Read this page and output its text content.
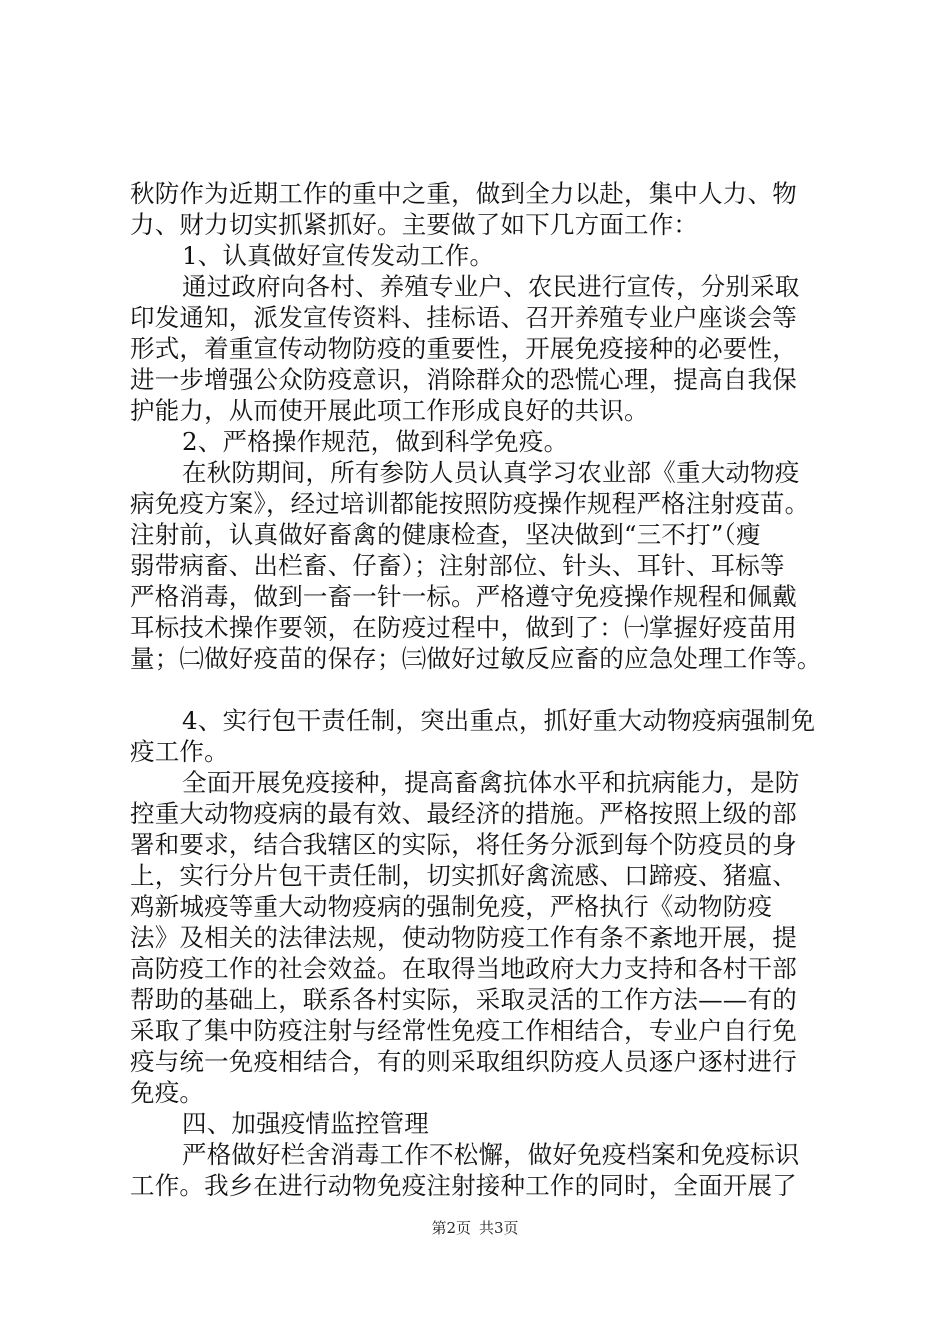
秋防作为近期工作的重中之重，做到全力以赴，集中人力、物
力、财力切实抓紧抓好。主要做了如下几方面工作：
1、认真做好宣传发动工作。
通过政府向各村、养殖专业户、农民进行宣传，分别采取
印发通知，派发宣传资料、挂标语、召开养殖专业户座谈会等
形式，着重宣传动物防疫的重要性，开展免疫接种的必要性，
进一步增强公众防疫意识，消除群众的恐慌心理，提高自我保
护能力，从而使开展此项工作形成良好的共识。
2、严格操作规范，做到科学免疫。
在秋防期间，所有参防人员认真学习农业部《重大动物疫
病免疫方案》，经过培训都能按照防疫操作规程严格注射疫苗。
注射前，认真做好畜禽的健康检查，坚决做到“三不打”（瘦
弱带病畜、出栏畜、仔畜）；注射部位、针头、耳针、耳标等
严格消毒，做到一畜一针一标。严格遵守免疫操作规程和佩戴
耳标技术操作要领，在防疫过程中，做到了：㈠掌握好疫苗用
量；㈡做好疫苗的保存；㈢做好过敏反应畜的应急处理工作等。
4、实行包干责任制，突出重点，抓好重大动物疫病强制免
疫工作。
全面开展免疫接种，提高畜禽抗体水平和抗病能力，是防
控重大动物疫病的最有效、最经济的措施。严格按照上级的部
署和要求，结合我辖区的实际，将任务分派到每个防疫员的身
上，实行分片包干责任制，切实抓好禽流感、口蹄疫、猪瘟、
鸡新城疫等重大动物疫病的强制免疫，严格执行《动物防疫
法》及相关的法律法规，使动物防疫工作有条不紊地开展，提
高防疫工作的社会效益。在取得当地政府大力支持和各村干部
帮助的基础上，联系各村实际，采取灵活的工作方法——有的
采取了集中防疫注射与经常性免疫工作相结合，专业户自行免
疫与统一免疫相结合，有的则采取组织防疫人员逐户逐村进行
免疫。
四、加强疫情监控管理
严格做好栏舍消毒工作不松懈，做好免疫档案和免疫标识
工作。我乡在进行动物免疫注射接种工作的同时，全面开展了
第2页 共3页
